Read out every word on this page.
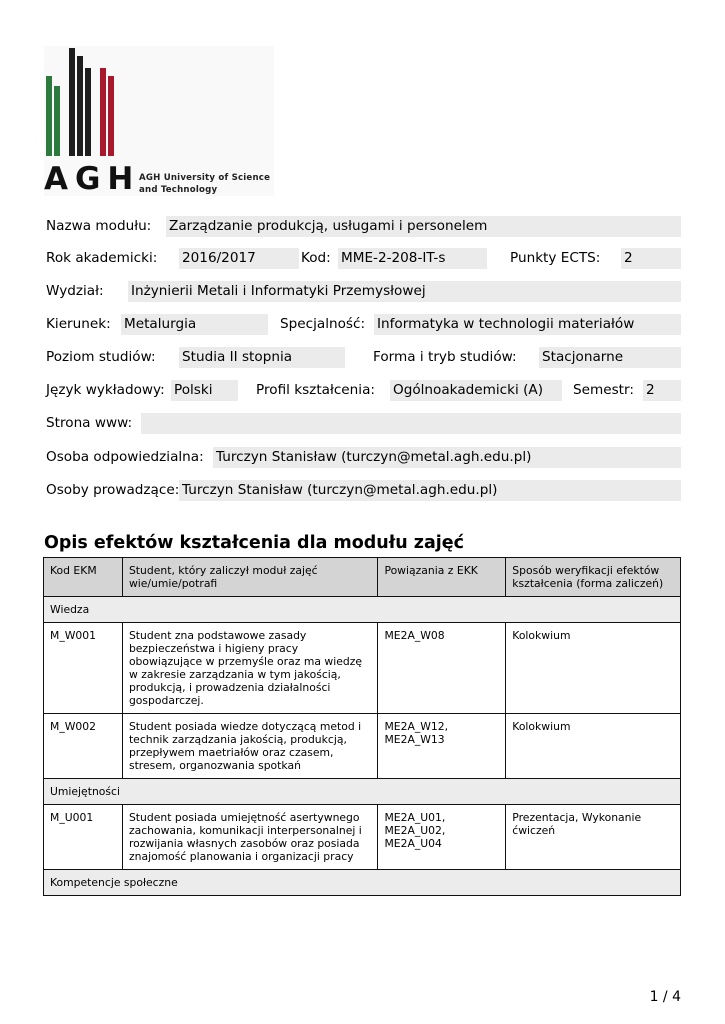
AGH
AGH University of Science
and Technology
Nazwa modułu: Zarządzanie produkcją, usługami i personelem
Rok akademicki: 2016/2017	Kod: MME-2-208-IT-s	Punkty ECTS: 2
Wydział: Inżynierii Metali i Informatyki Przemysłowej
Kierunek: Metalurgia	Specjalność: Informatyka w technologii materiałów
Poziom studiów: Studia II stopnia	Forma i tryb studiów: Stacjonarne
Język wykładowy: Polski	Profil kształcenia: Ogólnoakademicki (A)	Semestr: 2
Strona www:
Osoba odpowiedzialna: Turczyn Stanisław (turczyn@metal.agh.edu.pl)
Osoby prowadzące: Turczyn Stanisław (turczyn@metal.agh.edu.pl)
Opis efektów kształcenia dla modułu zajęć
Kod EKM	Student, który zaliczył moduł zajęć wie/umie/potrafi	Powiązania z EKK	Sposób weryfikacji efektów kształcenia (forma zaliczeń)
Wiedza			
M_W001	Student zna podstawowe zasady bezpieczeństwa i higieny pracy obowiązujące w przemyśle oraz ma wiedzę w zakresie zarządzania w tym jakością, produkcją, i prowadzenia działalności gospodarczej.	ME2A_W08	Kolokwium
M_W002	Student posiada wiedze dotyczącą metod i technik zarządzania jakością, produkcją, przepływem maetriałów oraz czasem, stresem, organozwania spotkań	ME2A_W12, ME2A_W13	Kolokwium
Umiejętności			
M_U001	Student posiada umiejętność asertywnego zachowania, komunikacji interpersonalnej i rozwijania własnych zasobów oraz posiada znajomość planowania i organizacji pracy	ME2A_U01, ME2A_U02, ME2A_U04	Prezentacja, Wykonanie ćwiczeń
Kompetencje społeczne			
1 / 4
